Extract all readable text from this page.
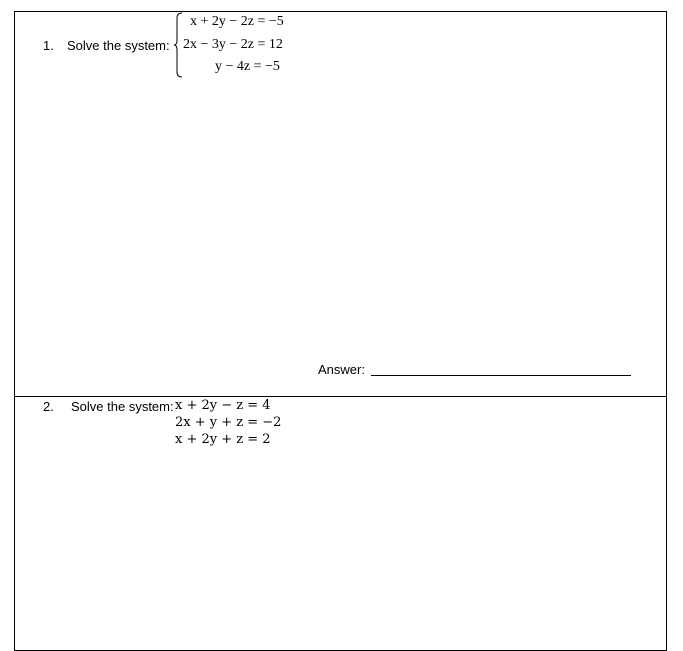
1. Solve the system:
x + 2y − 2z = −5
2x − 3y − 2z = 12
y − 4z = −5
Answer:
2. Solve the system: x + 2y − z = 4
2x + y + z = −2
x + 2y + z = 2
